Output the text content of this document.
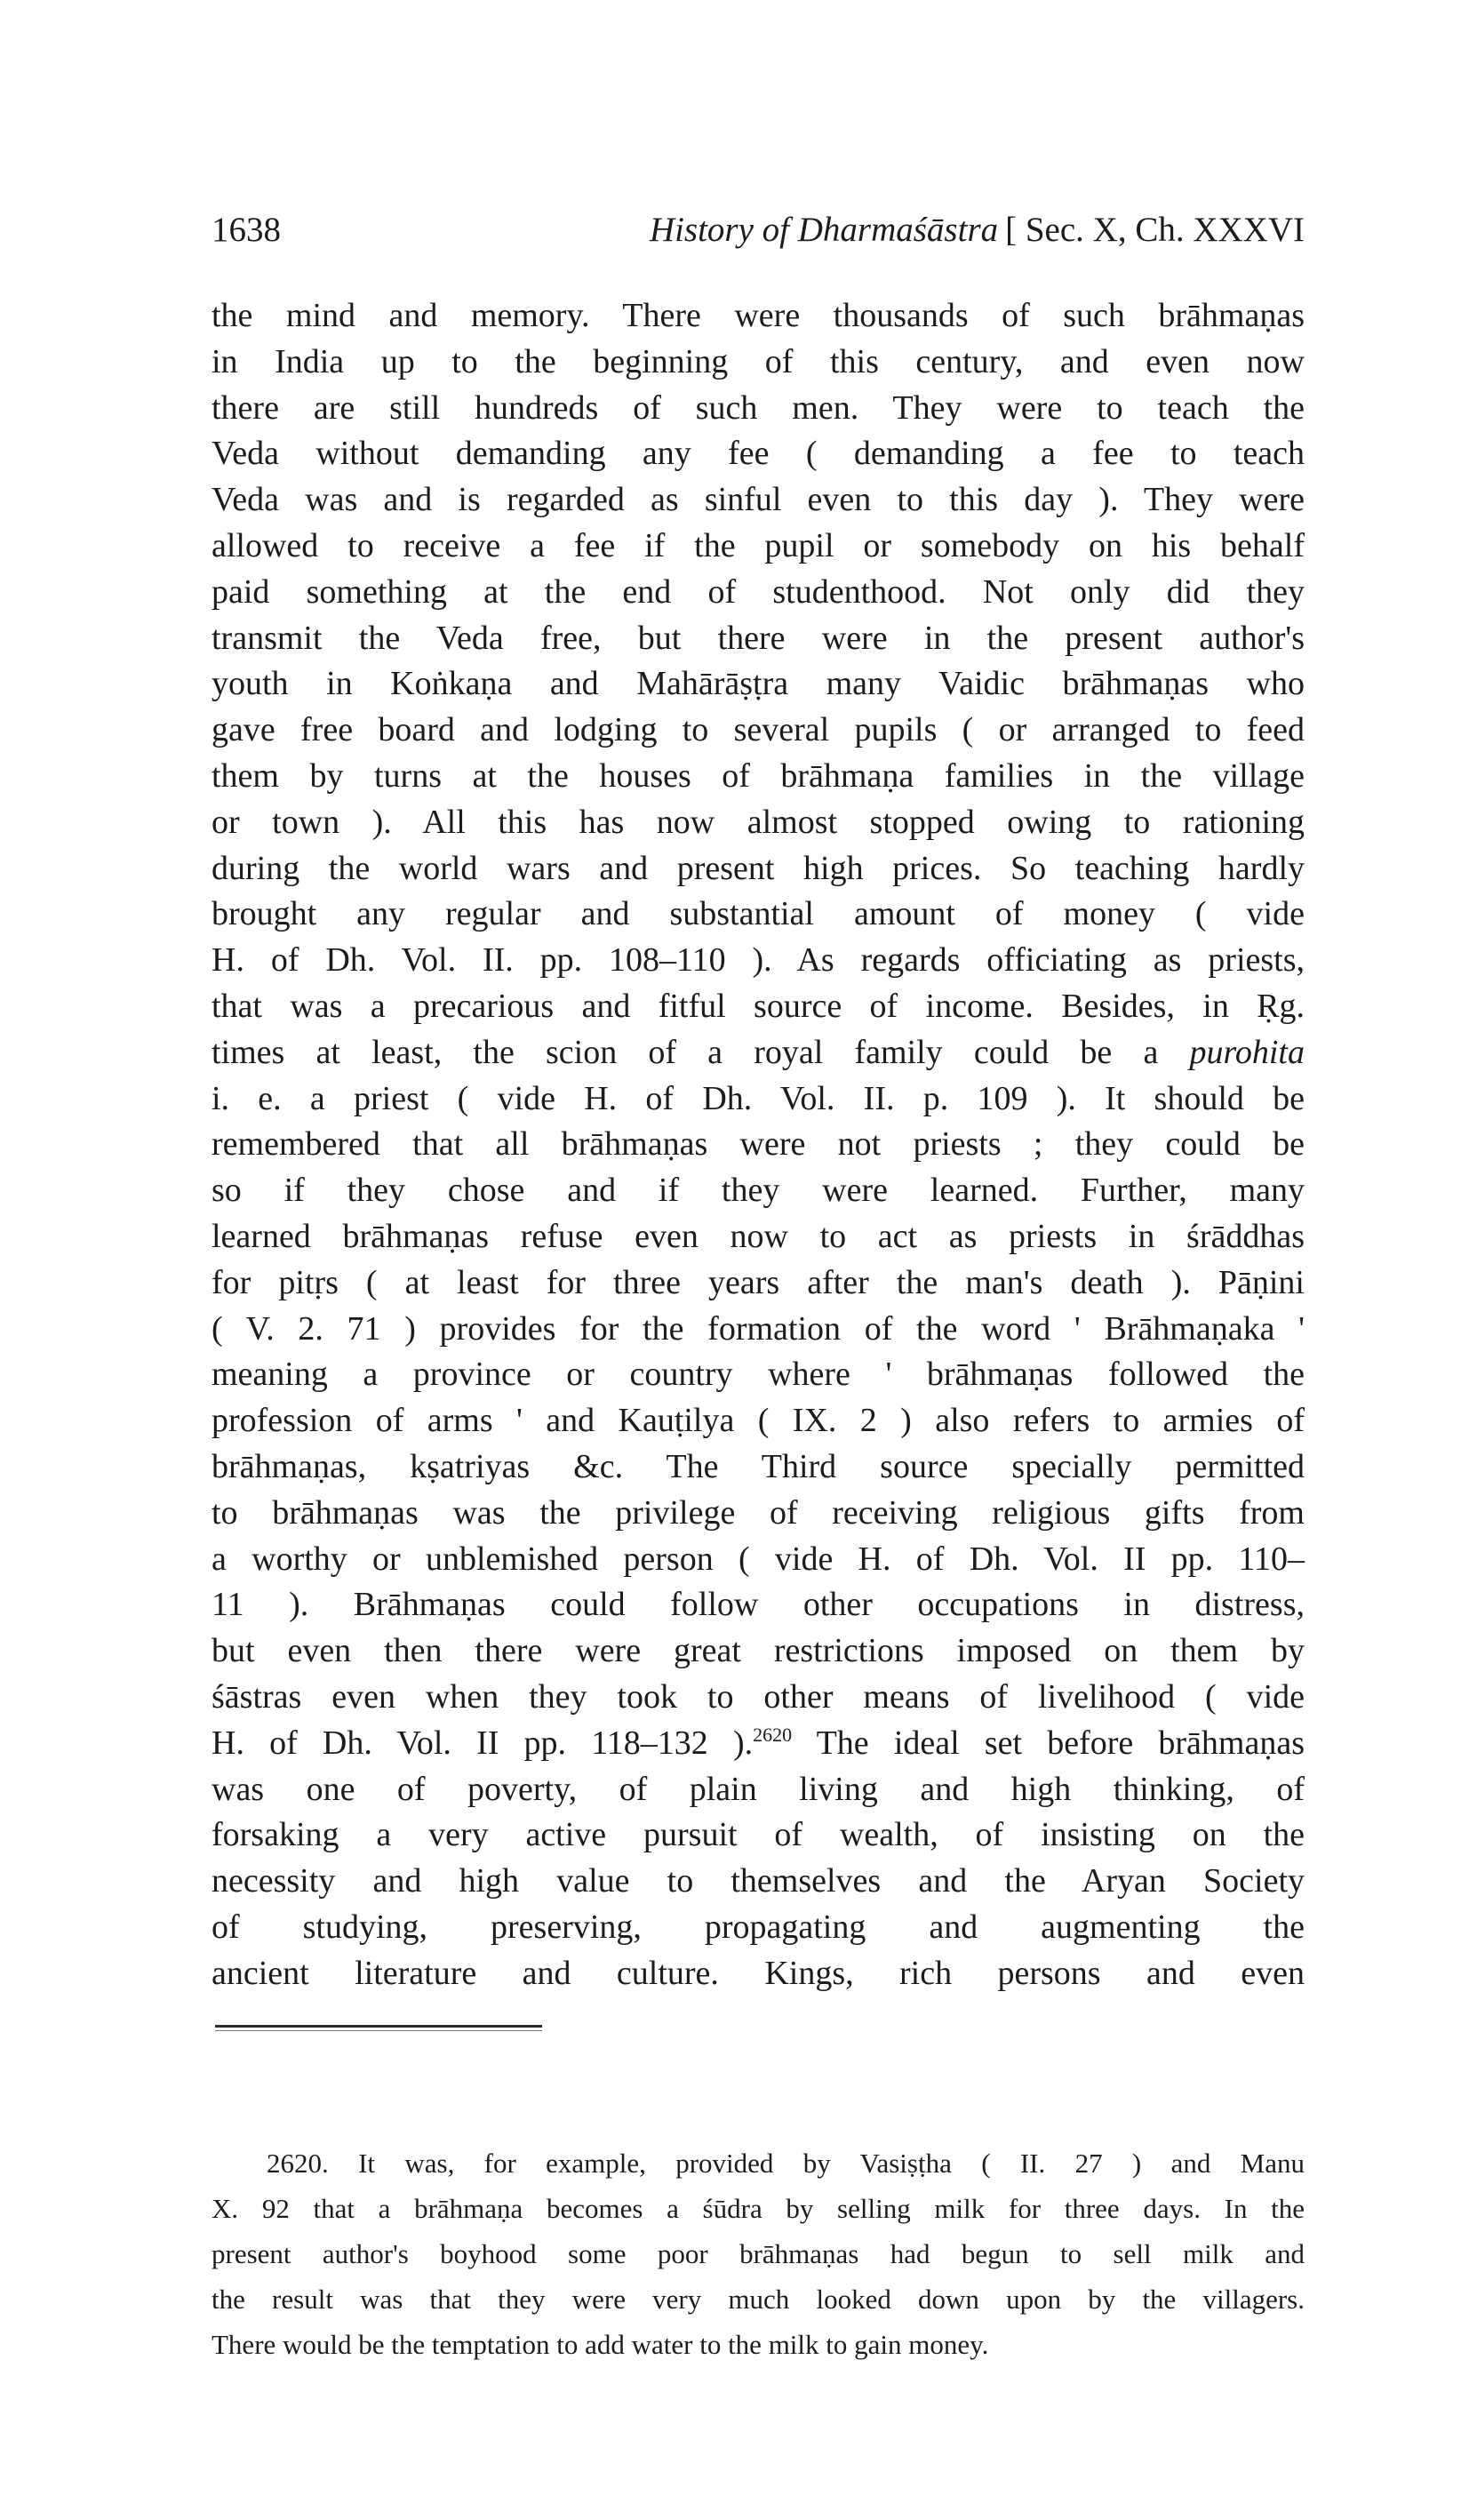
1638	History of Dharmaśāstra [ Sec. X, Ch. XXXVI
the mind and memory. There were thousands of such brāhmaṇas
in India up to the beginning of this century, and even now
there are still hundreds of such men. They were to teach the
Veda without demanding any fee ( demanding a fee to teach
Veda was and is regarded as sinful even to this day ). They were
allowed to receive a fee if the pupil or somebody on his behalf
paid something at the end of studenthood. Not only did they
transmit the Veda free, but there were in the present author's
youth in Koṅkaṇa and Mahārāṣṭra many Vaidic brāhmaṇas who
gave free board and lodging to several pupils ( or arranged to feed
them by turns at the houses of brāhmaṇa families in the village
or town ). All this has now almost stopped owing to rationing
during the world wars and present high prices. So teaching hardly
brought any regular and substantial amount of money ( vide
H. of Dh. Vol. II. pp. 108–110 ). As regards officiating as priests,
that was a precarious and fitful source of income. Besides, in Ṛg.
times at least, the scion of a royal family could be a purohita
i. e. a priest ( vide H. of Dh. Vol. II. p. 109 ). It should be
remembered that all brāhmaṇas were not priests ; they could be
so if they chose and if they were learned. Further, many
learned brāhmaṇas refuse even now to act as priests in śrāddhas
for pitṛs ( at least for three years after the man's death ). Pāṇini
( V. 2. 71 ) provides for the formation of the word ' Brāhmaṇaka '
meaning a province or country where ' brāhmaṇas followed the
profession of arms ' and Kauṭilya ( IX. 2 ) also refers to armies of
brāhmaṇas, kṣatriyas &c. The Third source specially permitted
to brāhmaṇas was the privilege of receiving religious gifts from
a worthy or unblemished person ( vide H. of Dh. Vol. II pp. 110–
11 ). Brāhmaṇas could follow other occupations in distress,
but even then there were great restrictions imposed on them by
śāstras even when they took to other means of livelihood ( vide
H. of Dh. Vol. II pp. 118–132 ).$^{2620}$ The ideal set before brāhmaṇas
was one of poverty, of plain living and high thinking, of
forsaking a very active pursuit of wealth, of insisting on the
necessity and high value to themselves and the Aryan Society
of studying, preserving, propagating and augmenting the
ancient literature and culture. Kings, rich persons and even
2620. It was, for example, provided by Vasiṣṭha ( II. 27 ) and Manu
X. 92 that a brāhmaṇa becomes a śūdra by selling milk for three days. In the
present author's boyhood some poor brāhmaṇas had begun to sell milk and
the result was that they were very much looked down upon by the villagers.
There would be the temptation to add water to the milk to gain money.
